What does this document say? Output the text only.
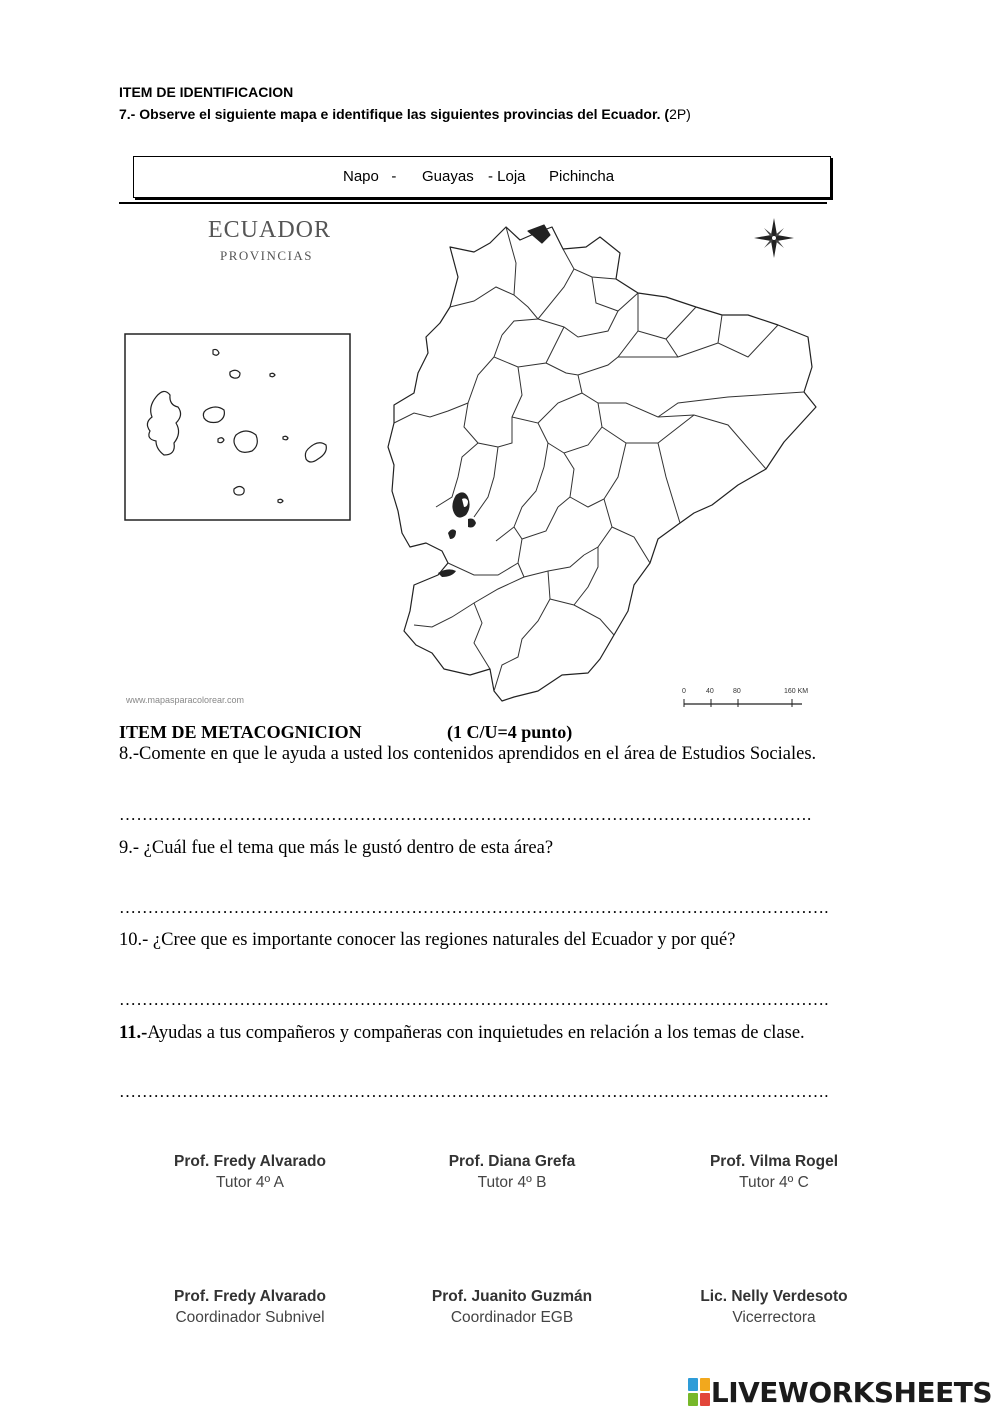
ITEM DE IDENTIFICACION
7.- Observe el siguiente mapa e identifique las siguientes provincias del Ecuador. (2P)
Napo   - Guayas - Loja Pichincha
ECUADOR
PROVINCIAS
www.mapasparacolorear.com
0	40	80	160 KM
ITEM DE METACOGNICION	(1 C/U=4 punto)
8.-Comente en que le ayuda a usted los contenidos aprendidos en el área de Estudios Sociales.
………………………………………………………………………………………………………….
9.- ¿Cuál fue el tema que más le gustó dentro de esta área?
…………………………………………………………………………………………………………….
10.- ¿Cree que es importante conocer las regiones naturales del Ecuador y por qué?
…………………………………………………………………………………………………………….
11.-Ayudas a tus compañeros y compañeras con inquietudes en relación a los temas de clase.
…………………………………………………………………………………………………………….
Prof. Fredy Alvarado
Tutor 4º A
Prof. Diana Grefa
Tutor 4º B
Prof. Vilma Rogel
Tutor 4º C
Prof. Fredy Alvarado
Coordinador Subnivel
Prof. Juanito Guzmán
Coordinador EGB
Lic. Nelly Verdesoto
Vicerrectora
LIVEWORKSHEETS
